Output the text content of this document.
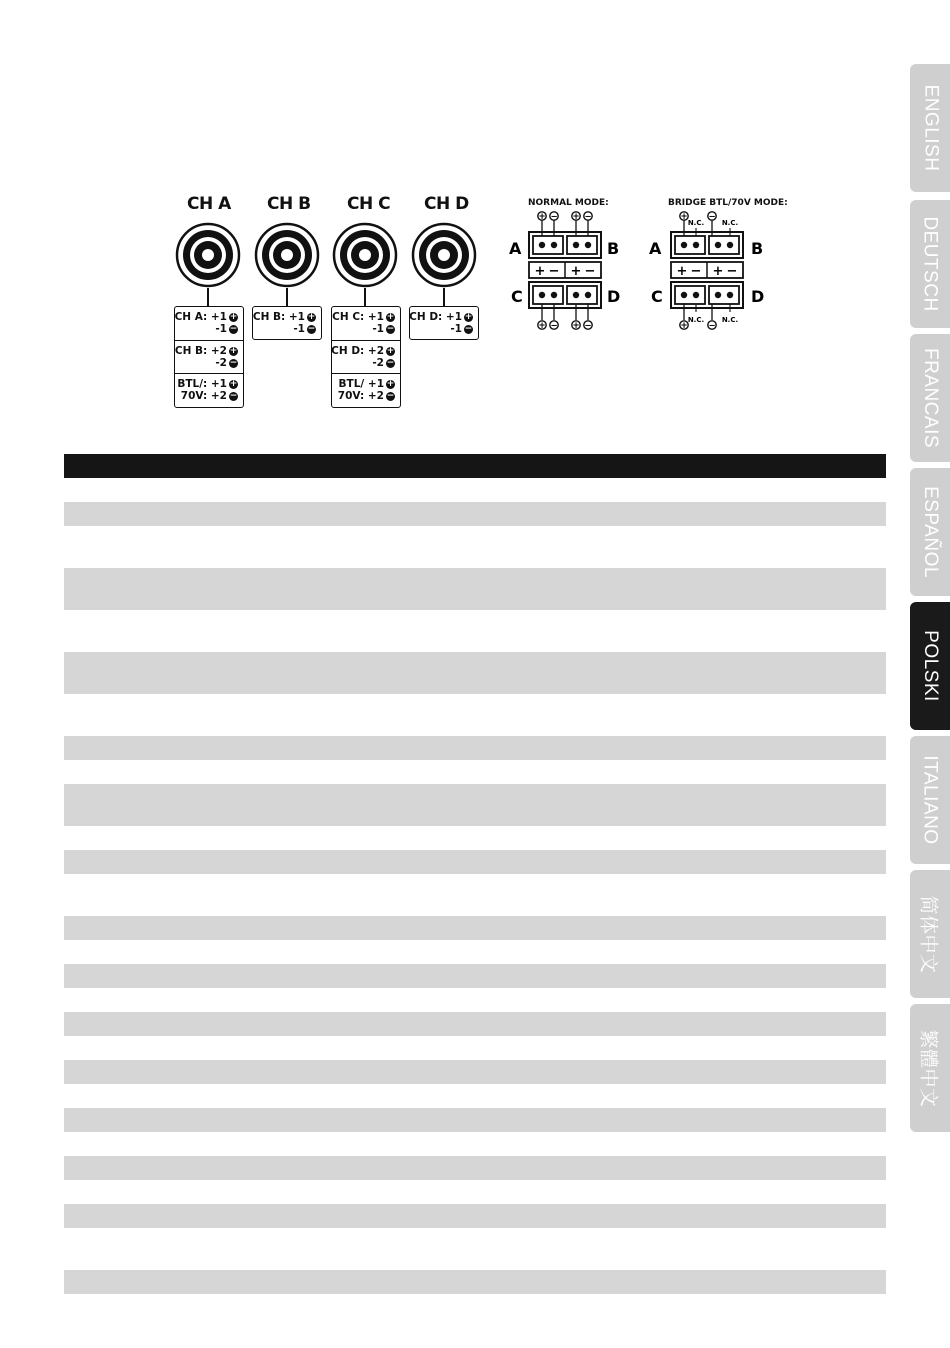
ENGLISH
DEUTSCH
FRANCAIS
ESPAÑOL
POLSKI
ITALIANO
简体中文
繁體中文
CH A CH B CH C CH D
CH A: +1 +
-1 −
CH B: +2 +
-2 −
BTL/: +1 +
70V: +2 −
CH B: +1 +
-1 −
CH C: +1 +
-1 −
CH D: +2 +
-2 −
BTL/ +1 +
70V: +2 −
CH D: +1 +
-1 −
NORMAL MODE:
A	B
C	D
+ − + −
+
+
−
−
+
+
−
−
BRIDGE BTL/70V MODE:
A	B
C	D
+ − + −
+ −
+ −
N.C.	N.C.
N.C.	N.C.
